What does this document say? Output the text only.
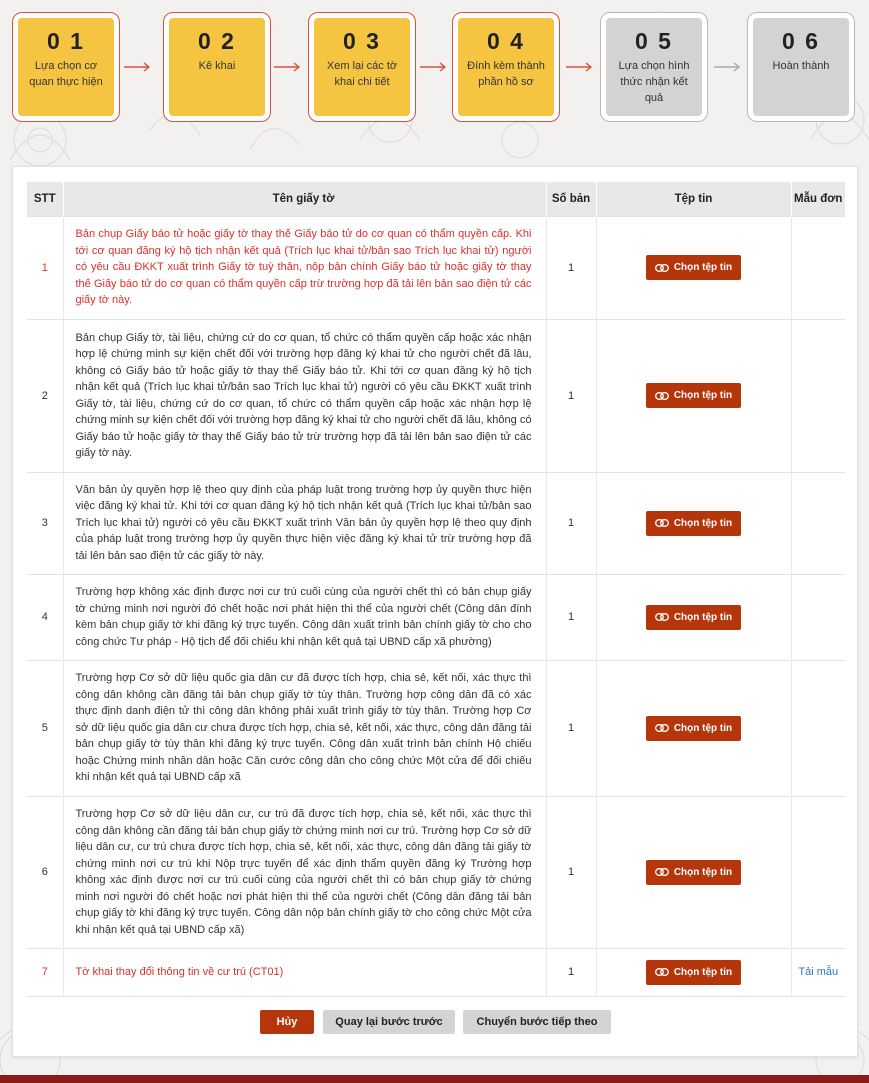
0 1
Lựa chọn cơ quan thực hiện
0 2
Kê khai
0 3
Xem lại các tờ khai chi tiết
0 4
Đính kèm thành phần hồ sơ
0 5
Lựa chọn hình thức nhận kết quả
0 6
Hoàn thành
STT	Tên giấy tờ	Số bản	Tệp tin	Mẫu đơn
1	Bản chụp Giấy báo tử hoặc giấy tờ thay thế Giấy báo tử do cơ quan có thẩm quyền cấp. Khi tới cơ quan đăng ký hộ tịch nhận kết quả (Trích lục khai tử/bản sao Trích lục khai tử) người có yêu cầu ĐKKT xuất trình Giấy tờ tuỳ thân, nộp bản chính Giấy báo tử hoặc giấy tờ thay thế Giấy báo tử do cơ quan có thẩm quyền cấp trừ trường hợp đã tải lên bản sao điện tử các giấy tờ này.	1	Chọn tệp tin	

2	Bản chụp Giấy tờ, tài liệu, chứng cứ do cơ quan, tổ chức có thẩm quyền cấp hoặc xác nhận hợp lệ chứng minh sự kiện chết đối với trường hợp đăng ký khai tử cho người chết đã lâu, không có Giấy báo tử hoặc giấy tờ thay thế Giấy báo tử. Khi tới cơ quan đăng ký hộ tịch nhận kết quả (Trích lục khai tử/bản sao Trích lục khai tử) người có yêu cầu ĐKKT xuất trình Giấy tờ, tài liệu, chứng cứ do cơ quan, tổ chức có thẩm quyền cấp hoặc xác nhận hợp lệ chứng minh sự kiện chết đối với trường hợp đăng ký khai tử cho người chết đã lâu, không có Giấy báo tử hoặc giấy tờ thay thế Giấy báo tử trừ trường hợp đã tải lên bản sao điện tử các giấy tờ này.	1	Chọn tệp tin	

3	Văn bản ủy quyền hợp lệ theo quy định của pháp luật trong trường hợp ủy quyền thực hiện việc đăng ký khai tử. Khi tới cơ quan đăng ký hộ tịch nhận kết quả (Trích lục khai tử/bản sao Trích lục khai tử) người có yêu cầu ĐKKT xuất trình Văn bản ủy quyền hợp lệ theo quy định của pháp luật trong trường hợp ủy quyền thực hiện việc đăng ký khai tử trừ trường hợp đã tải lên bản sao điện tử các giấy tờ này.	1	Chọn tệp tin	

4	Trường hợp không xác định được nơi cư trú cuối cùng của người chết thì có bản chụp giấy tờ chứng minh nơi người đó chết hoặc nơi phát hiện thi thể của người chết (Công dân đính kèm bản chụp giấy tờ khi đăng ký trực tuyến. Công dân xuất trình bản chính giấy tờ cho cho công chức Tư pháp - Hộ tịch để đối chiếu khi nhận kết quả tại UBND cấp xã phường)	1	Chọn tệp tin	

5	Trường hợp Cơ sở dữ liệu quốc gia dân cư đã được tích hợp, chia sẻ, kết nối, xác thực thì công dân không cần đăng tải bản chụp giấy tờ tùy thân. Trường hợp công dân đã có xác thực định danh điện tử thì công dân không phải xuất trình giấy tờ tùy thân. Trường hợp Cơ sở dữ liệu quốc gia dân cư chưa được tích hợp, chia sẻ, kết nối, xác thực, công dân đăng tải bản chụp giấy tờ tùy thân khi đăng ký trực tuyến. Công dân xuất trình bản chính Hộ chiếu hoặc Chứng minh nhân dân hoặc Căn cước công dân cho công chức Một cửa để đối chiếu khi nhận kết quả tại UBND cấp xã	1	Chọn tệp tin	

6	Trường hợp Cơ sở dữ liệu dân cư, cư trú đã được tích hợp, chia sẻ, kết nối, xác thực thì công dân không cần đăng tải bản chụp giấy tờ chứng minh nơi cư trú. Trường hợp Cơ sở dữ liệu dân cư, cư trú chưa được tích hợp, chia sẻ, kết nối, xác thực, công dân đăng tải giấy tờ chứng minh nơi cư trú khi Nộp trực tuyến để xác định thẩm quyền đăng ký Trường hợp không xác định được nơi cư trú cuối cùng của người chết thì có bản chụp giấy tờ chứng minh nơi người đó chết hoặc nơi phát hiện thi thể của người chết (Công dân đăng tải bản chụp giấy tờ khi đăng ký trực tuyến. Công dân nộp bản chính giấy tờ cho công chức Một cửa khi nhận kết quả tại UBND cấp xã)	1	Chọn tệp tin	

7	Tờ khai thay đổi thông tin về cư trú (CT01)	1	Chọn tệp tin	Tải mẫu
Hủy	Quay lại bước trước	Chuyển bước tiếp theo
